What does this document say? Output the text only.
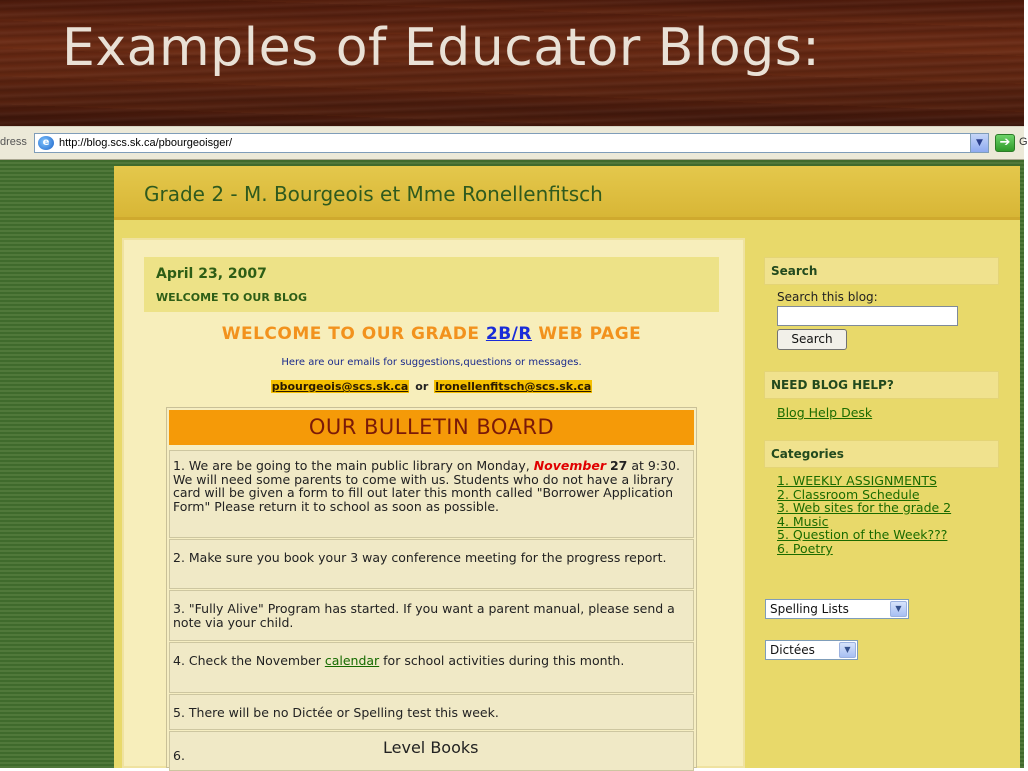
Examples of Educator Blogs:
dress	e http://blog.scs.sk.ca/pbourgeoisger/	▼	➔ G
Grade 2 - M. Bourgeois et Mme Ronellenfitsch
April 23, 2007
WELCOME TO OUR BLOG
WELCOME TO OUR GRADE 2B/R WEB PAGE
Here are our emails for suggestions,questions or messages.
pbourgeois@scs.sk.ca or lronellenfitsch@scs.sk.ca
OUR BULLETIN BOARD
1. We are be going to the main public library on Monday, November 27 at 9:30. We will need some parents to come with us. Students who do not have a library card will be given a form to fill out later this month called "Borrower Application Form" Please return it to school as soon as possible.
2. Make sure you book your 3 way conference meeting for the progress report.
3. "Fully Alive" Program has started. If you want a parent manual, please send a note via your child.
4. Check the November calendar for school activities during this month.
5. There will be no Dictée or Spelling test this week.
6.	Level Books
Search
Search this blog:
Search
NEED BLOG HELP?
Blog Help Desk
Categories
1. WEEKLY ASSIGNMENTS
2. Classroom Schedule
3. Web sites for the grade 2
4. Music
5. Question of the Week???
6. Poetry
Spelling Lists	▼
Dictées	▼
